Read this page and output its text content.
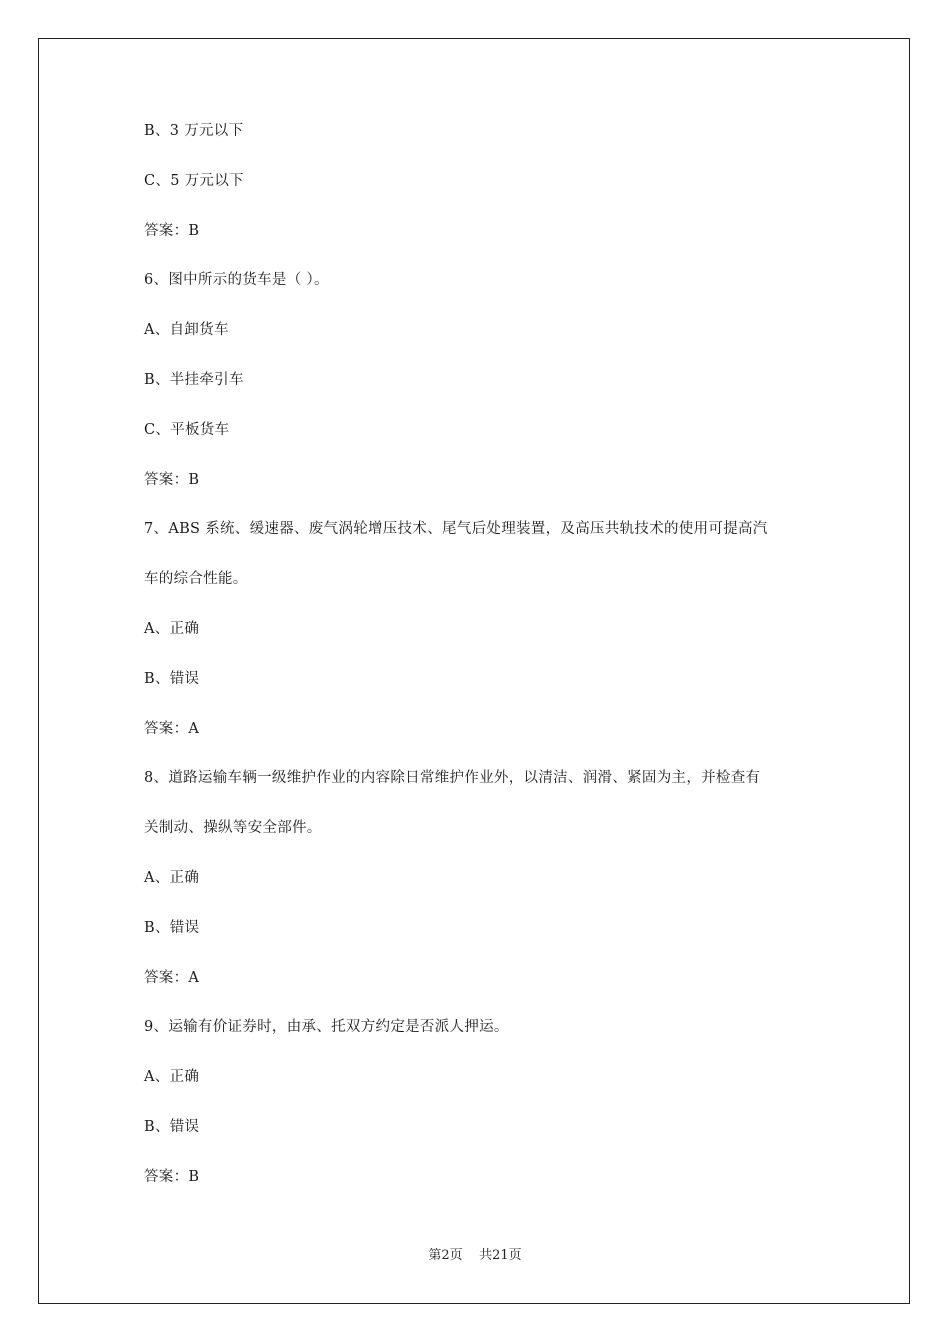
B、3 万元以下
C、5 万元以下
答案：B
6、图中所示的货车是（ ）。
A、自卸货车
B、半挂牵引车
C、平板货车
答案：B
7、ABS 系统、缓速器、废气涡轮增压技术、尾气后处理装置，及高压共轨技术的使用可提高汽
车的综合性能。
A、正确
B、错误
答案：A
8、道路运输车辆一级维护作业的内容除日常维护作业外，以清洁、润滑、紧固为主，并检查有
关制动、操纵等安全部件。
A、正确
B、错误
答案：A
9、运输有价证券时，由承、托双方约定是否派人押运。
A、正确
B、错误
答案：B
第2页 共21页
